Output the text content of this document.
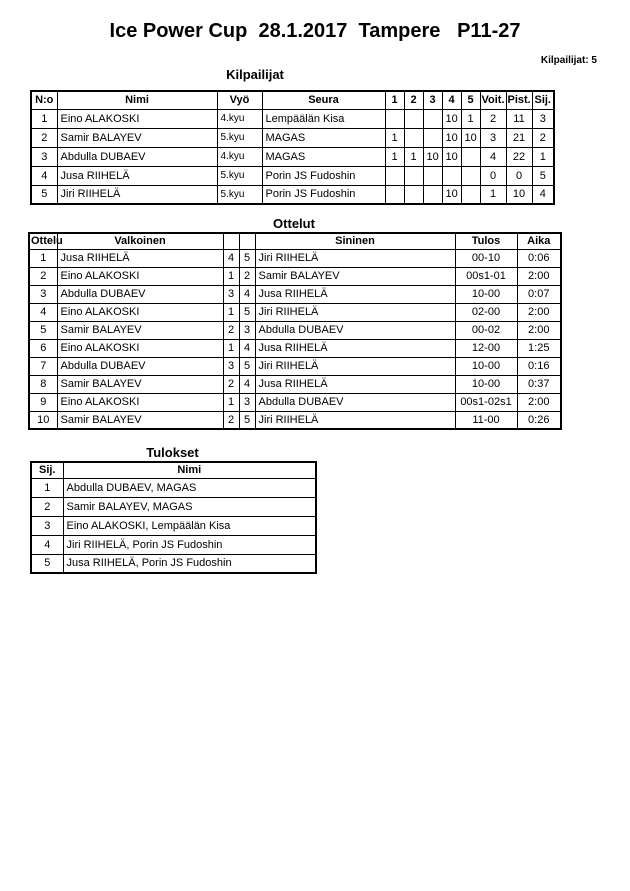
Ice Power Cup  28.1.2017  Tampere   P11-27
Kilpailijat: 5
Kilpailijat
N:o	Nimi	Vyö	Seura	1	2	3	4	5	Voit.	Pist.	Sij.
1	Eino ALAKOSKI	4.kyu	Lempäälän Kisa				10	1	2	11	3
2	Samir BALAYEV	5.kyu	MAGAS	1			10	10	3	21	2
3	Abdulla DUBAEV	4.kyu	MAGAS	1	1	10	10		4	22	1
4	Jusa RIIHELÄ	5.kyu	Porin JS Fudoshin						0	0	5
5	Jiri RIIHELÄ	5.kyu	Porin JS Fudoshin				10		1	10	4
Ottelut
Ottelu	Valkoinen			Sininen	Tulos	Aika
1	Jusa RIIHELÄ	4	5	Jiri RIIHELÄ	00-10	0:06
2	Eino ALAKOSKI	1	2	Samir BALAYEV	00s1-01	2:00
3	Abdulla DUBAEV	3	4	Jusa RIIHELÄ	10-00	0:07
4	Eino ALAKOSKI	1	5	Jiri RIIHELÄ	02-00	2:00
5	Samir BALAYEV	2	3	Abdulla DUBAEV	00-02	2:00
6	Eino ALAKOSKI	1	4	Jusa RIIHELÄ	12-00	1:25
7	Abdulla DUBAEV	3	5	Jiri RIIHELÄ	10-00	0:16
8	Samir BALAYEV	2	4	Jusa RIIHELÄ	10-00	0:37
9	Eino ALAKOSKI	1	3	Abdulla DUBAEV	00s1-02s1	2:00
10	Samir BALAYEV	2	5	Jiri RIIHELÄ	11-00	0:26
Tulokset
Sij.	Nimi
1	Abdulla DUBAEV, MAGAS
2	Samir BALAYEV, MAGAS
3	Eino ALAKOSKI, Lempäälän Kisa
4	Jiri RIIHELÄ, Porin JS Fudoshin
5	Jusa RIIHELÄ, Porin JS Fudoshin
